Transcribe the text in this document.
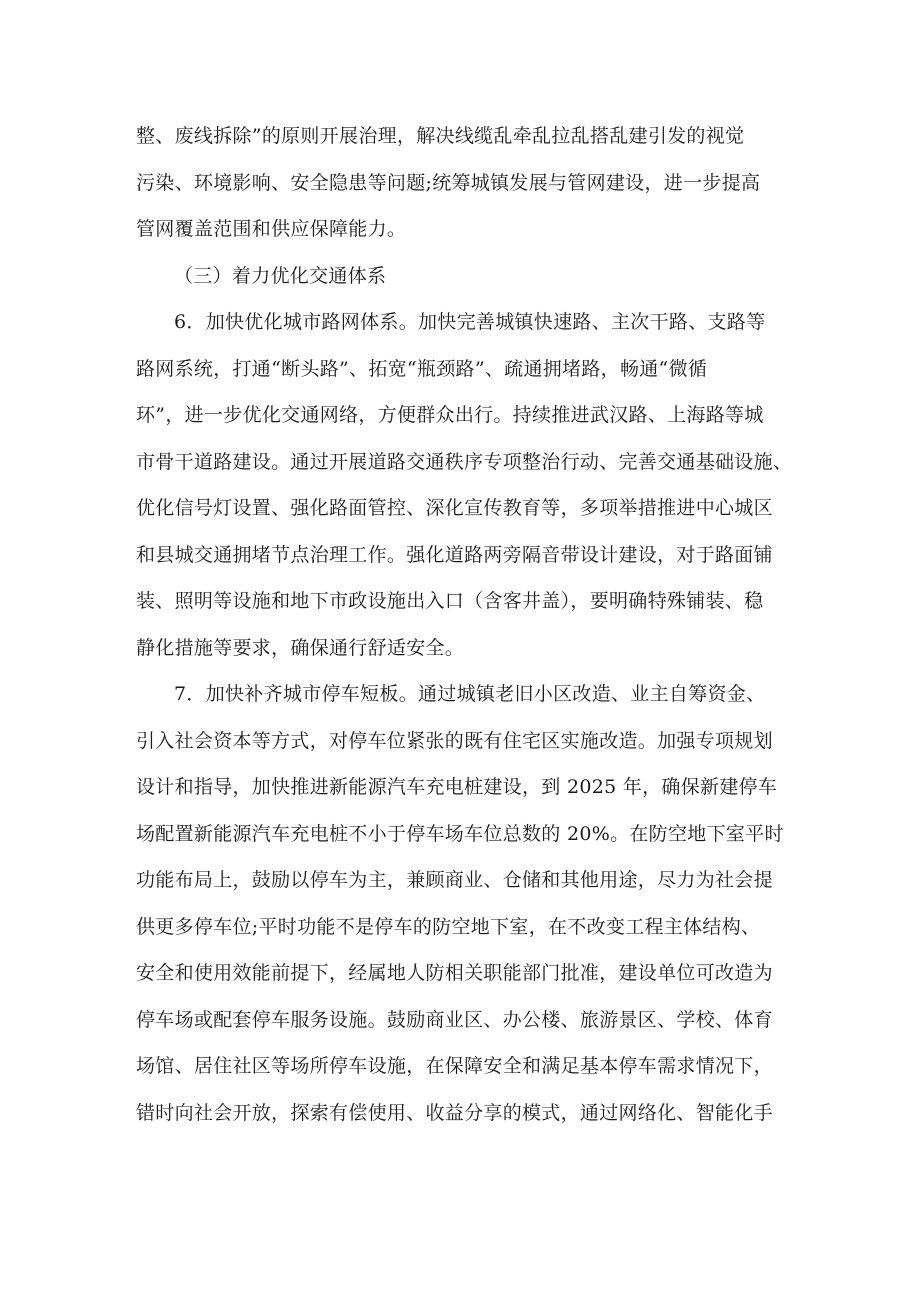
整、废线拆除”的原则开展治理，解决线缆乱牵乱拉乱搭乱建引发的视觉
污染、环境影响、安全隐患等问题;统筹城镇发展与管网建设，进一步提高
管网覆盖范围和供应保障能力。
（三）着力优化交通体系
6．加快优化城市路网体系。加快完善城镇快速路、主次干路、支路等
路网系统，打通“断头路”、拓宽“瓶颈路”、疏通拥堵路，畅通“微循
环”，进一步优化交通网络，方便群众出行。持续推进武汉路、上海路等城
市骨干道路建设。通过开展道路交通秩序专项整治行动、完善交通基础设施、
优化信号灯设置、强化路面管控、深化宣传教育等，多项举措推进中心城区
和县城交通拥堵节点治理工作。强化道路两旁隔音带设计建设，对于路面铺
装、照明等设施和地下市政设施出入口（含客井盖），要明确特殊铺装、稳
静化措施等要求，确保通行舒适安全。
7．加快补齐城市停车短板。通过城镇老旧小区改造、业主自筹资金、
引入社会资本等方式，对停车位紧张的既有住宅区实施改造。加强专项规划
设计和指导，加快推进新能源汽车充电桩建设，到 2025 年，确保新建停车
场配置新能源汽车充电桩不小于停车场车位总数的 20%。在防空地下室平时
功能布局上，鼓励以停车为主，兼顾商业、仓储和其他用途，尽力为社会提
供更多停车位;平时功能不是停车的防空地下室，在不改变工程主体结构、
安全和使用效能前提下，经属地人防相关职能部门批准，建设单位可改造为
停车场或配套停车服务设施。鼓励商业区、办公楼、旅游景区、学校、体育
场馆、居住社区等场所停车设施，在保障安全和满足基本停车需求情况下，
错时向社会开放，探索有偿使用、收益分享的模式，通过网络化、智能化手
